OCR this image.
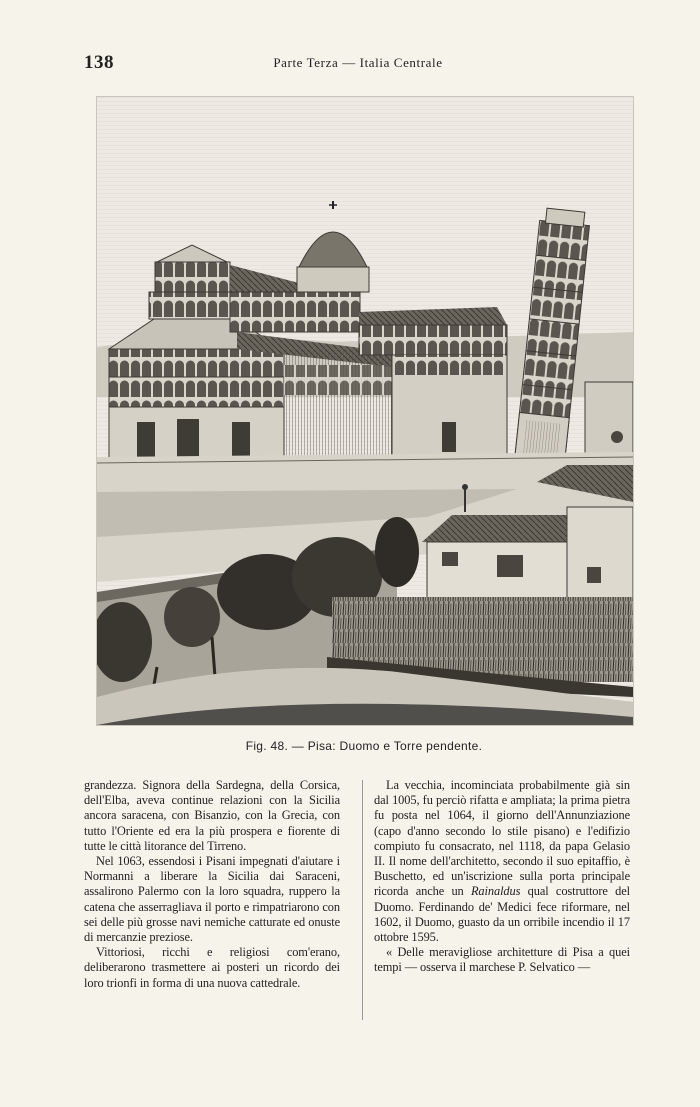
138	Parte Terza — Italia Centrale
Fig. 48. — Pisa: Duomo e Torre pendente.

grandezza. Signora della Sardegna, della Corsica, dell'Elba, aveva continue relazioni con la Sicilia ancora saracena, con Bisanzio, con la Grecia, con tutto l'Oriente ed era la più prospera e fiorente di tutte le città litorance del Tirreno.

Nel 1063, essendosi i Pisani impegnati d'aiutare i Normanni a liberare la Sicilia dai Saraceni, assalirono Palermo con la loro squadra, ruppero la catena che asserragliava il porto e rimpatriarono con sei delle più grosse navi nemiche catturate ed onuste di mercanzie preziose.

Vittoriosi, ricchi e religiosi com'erano, deliberarono trasmettere ai posteri un ricordo dei loro trionfi in forma di una nuova cattedrale.

La vecchia, incominciata probabilmente già sin dal 1005, fu perciò rifatta e ampliata; la prima pietra fu posta nel 1064, il giorno dell'Annunziazione (capo d'anno secondo lo stile pisano) e l'edifizio compiuto fu consacrato, nel 1118, da papa Gelasio II. Il nome dell'architetto, secondo il suo epitaffio, è Buschetto, ed un'iscrizione sulla porta principale ricorda anche un Rainaldus qual costruttore del Duomo. Ferdinando de' Medici fece riformare, nel 1602, il Duomo, guasto da un orribile incendio il 17 ottobre 1595.

« Delle meravigliose architetture di Pisa a quei tempi — osserva il marchese P. Selvatico —
